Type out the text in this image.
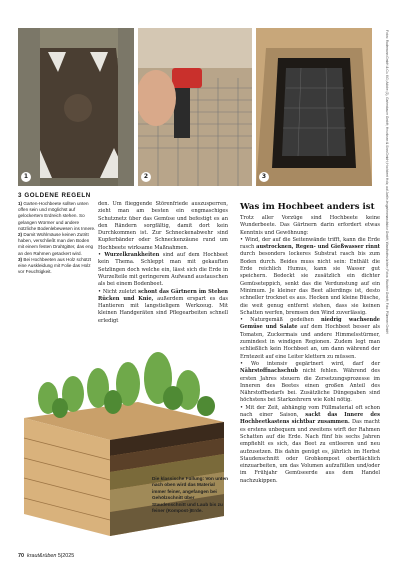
1	2	3
3 GOLDENE REGELN
1) Garten-Hochbeete sollten unten offen sein und möglichst auf gelockertem Erdreich stehen. So gelangen Würmer und andere nützliche Bodenlebewesen ins Innere.
2) Damit Wühlmäuse keinen Zutritt haben, verschließt man den Boden mit einem festen Drahtgitter, das eng an den Rahmen getackert wird.
3) Bei Hochbeeten aus Holz schützt eine Auskleidung mit Folie das Holz vor Feuchtigkeit.

den. Um flieggende Störenfriede auszusperren, zieht man am besten ein engmaschiges Schutznetz über das Gemüse und befestigt es an den Rändern sorgfältig, damit dort kein Durchkommen ist. Zur Schneckenabwehr sind Kupferbänder oder Schneckenzäune rund um Hochbeete wirksame Maßnahmen.

• Wurzelkrankheiten sind auf dem Hochbeet kein Thema. Schleppt man mit gekauften Setzlingen doch welche ein, lässt sich die Erde in Wurzelteile mit geringerem Aufwand austauschen als bei einem Bodenbeet.

• Nicht zuletzt schont das Gärtnern im Stehen Rücken und Knie, außerdem erspart es das Hantieren mit langstieligem Werkzeug. Mit kleinen Handgeräten sind Pflegearbeiten schnell erledigt

Die klassische Füllung: Von unten nach oben wird das Material immer feiner, angefangen bei Gehölzschnitt über Staudenschnitt und Laub bis zu feiner (Kompost-)Erde.
Was im Hochbeet anders ist

Trotz aller Vorzüge sind Hochbeete keine Wunderbeete. Das Gärtnern darin erfordert etwas Kenntnis und Gewöhnung:

• Wind, der auf die Seitenwände trifft, kann die Erde rasch austrocknen, Regen- und Gießwasser rinnt durch besonders lockeres Substrat rasch bis zum Boden durch. Beides muss nicht sein: Enthält die Erde reichlich Humus, kann sie Wasser gut speichern. Bedeckt sie zusätzlich ein dichter Gemüseteppich, senkt das die Verdunstung auf ein Minimum. Je kleiner das Beet allerdings ist, desto schneller trocknet es aus. Hecken und kleine Büsche, die weit genug entfernt stehen, dass sie keinen Schatten werfen, bremsen den Wind zuverlässig.

• Naturgemäß gedeihen niedrig wachsende Gemüse und Salate auf dem Hochbeet besser als Tomaten, Zuckermais und andere Himmelsstürmer, zumindest in windigen Regionen. Zudem legt man schließlich kein Hochbeet an, um dann während der Erntezeit auf eine Leiter klettern zu müssen.

• Wo intensiv gegärtnert wird, darf der Nährstoffnachschub nicht fehlen. Während des ersten Jahres steuern die Zersetzungsprozesse im Inneren des Beetes einen großen Anteil des Nährstoffbedarfs bei. Zusätzliche Düngegaben sind höchstens bei Starkzehrern wie Kohl nötig.

• Mit der Zeit, abhängig vom Füllmaterial oft schon nach einer Saison, sackt das Innere des Hochbeetkastens sichtbar zusammen. Das macht es erstens unbequem und zweitens wirft der Rahmen Schatten auf die Erde. Nach fünf bis sechs Jahren empfiehlt es sich, das Beet zu entleeren und neu aufzusetzen. Bis dahin genügt es, jährlich im Herbst Staudenschnitt oder Grobkompost oberflächlich einzuarbeiten, um das Volumen aufzufüllen und/oder im Frühjahr Gemüseerde aus dem Handel nachzukippen.

Fotos: Rademann GmbH & Co. KG; Adobe (2), Gartenbauer GmbH; Heuriksen & Sinn GmbH; Hochbeet Holz; auf Jaelle-lesgartenmanufaktur GmbH; Wandhoferzüchter; Fotos: Wachter GmbH; Foto: Plümmer GmbH
70 kraut&rüben 5|2025
